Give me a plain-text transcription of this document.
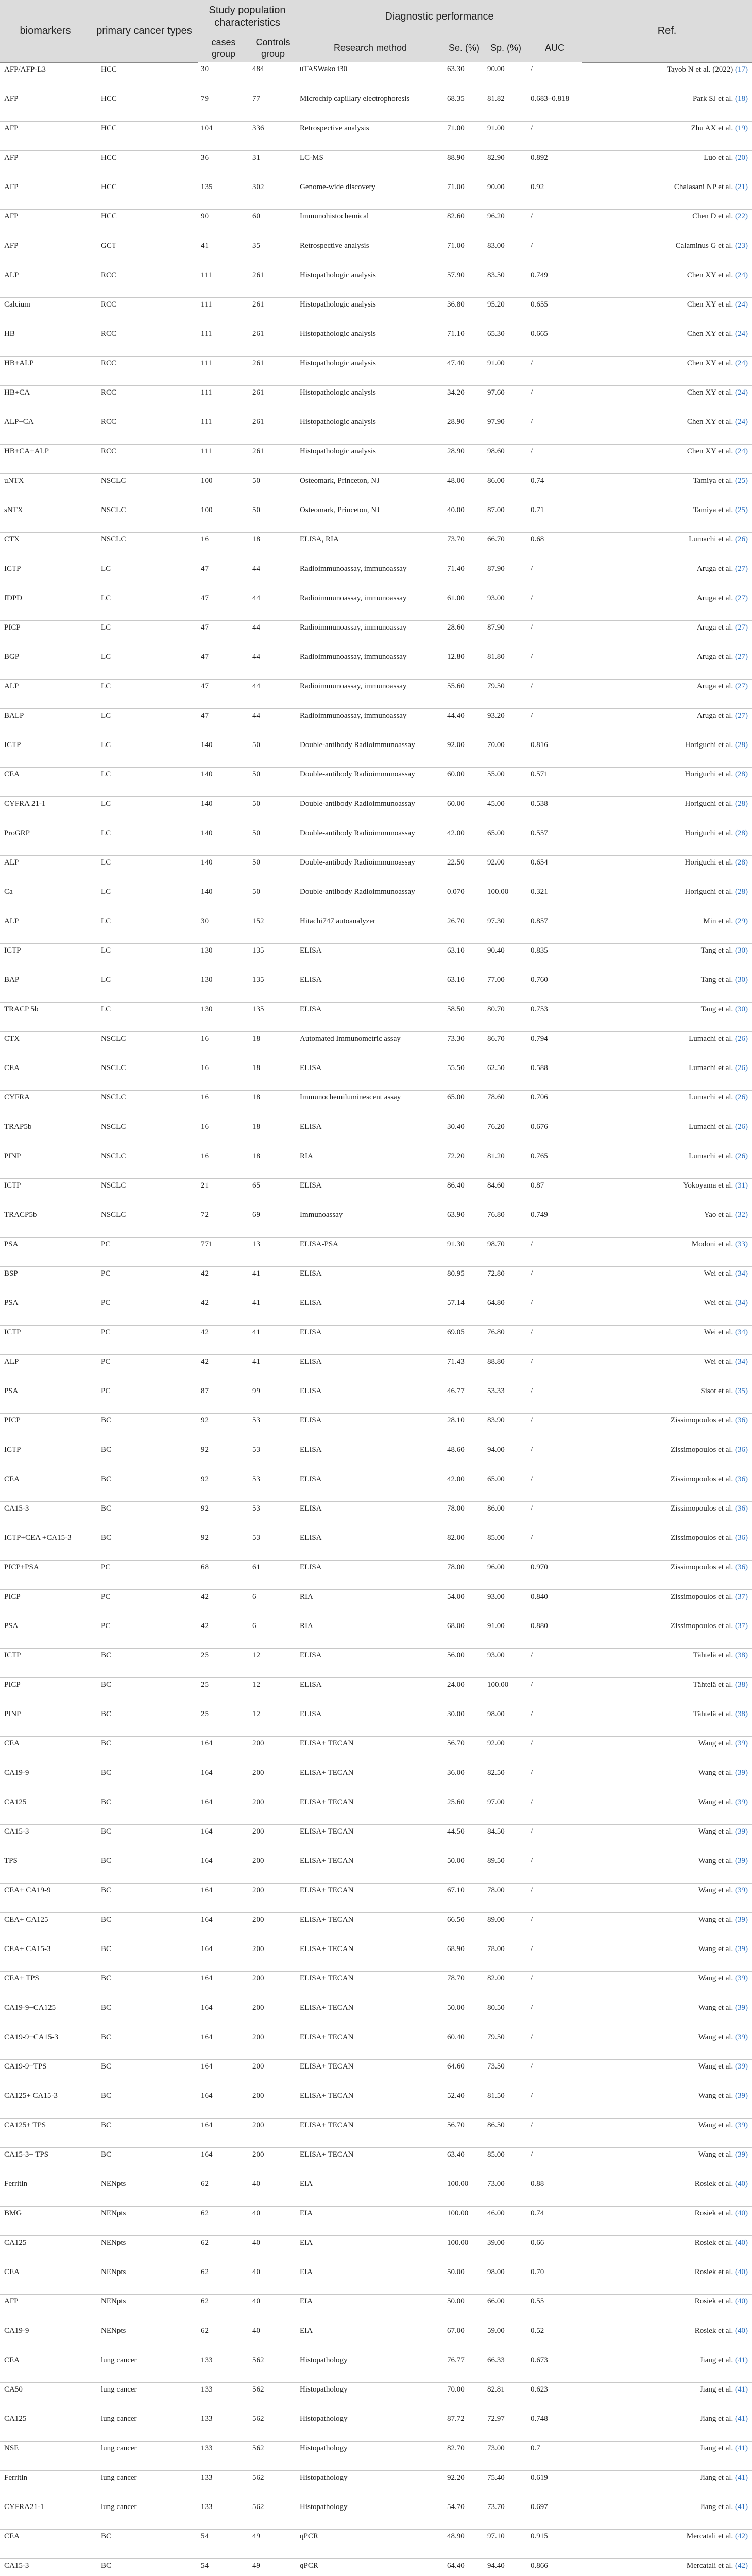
biomarkers	primary cancer types	Study population characteristics		Diagnostic performance				Ref.
		cases group	Controls group	Research method	Se. (%)	Sp. (%)	AUC	

AFP/AFP-L3	HCC	30	484	uTASWako i30	63.30	90.00	/	Tayob N et al. (2022) (17)

AFP	HCC	79	77	Microchip capillary electrophoresis	68.35	81.82	0.683–0.818	Park SJ et al. (18)

AFP	HCC	104	336	Retrospective analysis	71.00	91.00	/	Zhu AX et al. (19)

AFP	HCC	36	31	LC-MS	88.90	82.90	0.892	Luo et al. (20)

AFP	HCC	135	302	Genome-wide discovery	71.00	90.00	0.92	Chalasani NP et al. (21)

AFP	HCC	90	60	Immunohistochemical	82.60	96.20	/	Chen D et al. (22)

AFP	GCT	41	35	Retrospective analysis	71.00	83.00	/	Calaminus G et al. (23)

ALP	RCC	111	261	Histopathologic analysis	57.90	83.50	0.749	Chen XY et al. (24)

Calcium	RCC	111	261	Histopathologic analysis	36.80	95.20	0.655	Chen XY et al. (24)

HB	RCC	111	261	Histopathologic analysis	71.10	65.30	0.665	Chen XY et al. (24)

HB+ALP	RCC	111	261	Histopathologic analysis	47.40	91.00	/	Chen XY et al. (24)

HB+CA	RCC	111	261	Histopathologic analysis	34.20	97.60	/	Chen XY et al. (24)

ALP+CA	RCC	111	261	Histopathologic analysis	28.90	97.90	/	Chen XY et al. (24)

HB+CA+ALP	RCC	111	261	Histopathologic analysis	28.90	98.60	/	Chen XY et al. (24)

uNTX	NSCLC	100	50	Osteomark, Princeton, NJ	48.00	86.00	0.74	Tamiya et al. (25)

sNTX	NSCLC	100	50	Osteomark, Princeton, NJ	40.00	87.00	0.71	Tamiya et al. (25)

CTX	NSCLC	16	18	ELISA, RIA	73.70	66.70	0.68	Lumachi et al. (26)

ICTP	LC	47	44	Radioimmunoassay, immunoassay	71.40	87.90	/	Aruga et al. (27)

fDPD	LC	47	44	Radioimmunoassay, immunoassay	61.00	93.00	/	Aruga et al. (27)

PICP	LC	47	44	Radioimmunoassay, immunoassay	28.60	87.90	/	Aruga et al. (27)

BGP	LC	47	44	Radioimmunoassay, immunoassay	12.80	81.80	/	Aruga et al. (27)

ALP	LC	47	44	Radioimmunoassay, immunoassay	55.60	79.50	/	Aruga et al. (27)

BALP	LC	47	44	Radioimmunoassay, immunoassay	44.40	93.20	/	Aruga et al. (27)

ICTP	LC	140	50	Double-antibody Radioimmunoassay	92.00	70.00	0.816	Horiguchi et al. (28)

CEA	LC	140	50	Double-antibody Radioimmunoassay	60.00	55.00	0.571	Horiguchi et al. (28)

CYFRA 21-1	LC	140	50	Double-antibody Radioimmunoassay	60.00	45.00	0.538	Horiguchi et al. (28)

ProGRP	LC	140	50	Double-antibody Radioimmunoassay	42.00	65.00	0.557	Horiguchi et al. (28)

ALP	LC	140	50	Double-antibody Radioimmunoassay	22.50	92.00	0.654	Horiguchi et al. (28)

Ca	LC	140	50	Double-antibody Radioimmunoassay	0.070	100.00	0.321	Horiguchi et al. (28)

ALP	LC	30	152	Hitachi747 autoanalyzer	26.70	97.30	0.857	Min et al. (29)

ICTP	LC	130	135	ELISA	63.10	90.40	0.835	Tang et al. (30)

BAP	LC	130	135	ELISA	63.10	77.00	0.760	Tang et al. (30)

TRACP 5b	LC	130	135	ELISA	58.50	80.70	0.753	Tang et al. (30)

CTX	NSCLC	16	18	Automated Immunometric assay	73.30	86.70	0.794	Lumachi et al. (26)

CEA	NSCLC	16	18	ELISA	55.50	62.50	0.588	Lumachi et al. (26)

CYFRA	NSCLC	16	18	Immunochemiluminescent assay	65.00	78.60	0.706	Lumachi et al. (26)

TRAP5b	NSCLC	16	18	ELISA	30.40	76.20	0.676	Lumachi et al. (26)

PINP	NSCLC	16	18	RIA	72.20	81.20	0.765	Lumachi et al. (26)

ICTP	NSCLC	21	65	ELISA	86.40	84.60	0.87	Yokoyama et al. (31)

TRACP5b	NSCLC	72	69	Immunoassay	63.90	76.80	0.749	Yao et al. (32)

PSA	PC	771	13	ELISA-PSA	91.30	98.70	/	Modoni et al. (33)

BSP	PC	42	41	ELISA	80.95	72.80	/	Wei et al. (34)

PSA	PC	42	41	ELISA	57.14	64.80	/	Wei et al. (34)

ICTP	PC	42	41	ELISA	69.05	76.80	/	Wei et al. (34)

ALP	PC	42	41	ELISA	71.43	88.80	/	Wei et al. (34)

PSA	PC	87	99	ELISA	46.77	53.33	/	Sisot et al. (35)

PICP	BC	92	53	ELISA	28.10	83.90	/	Zissimopoulos et al. (36)

ICTP	BC	92	53	ELISA	48.60	94.00	/	Zissimopoulos et al. (36)

CEA	BC	92	53	ELISA	42.00	65.00	/	Zissimopoulos et al. (36)

CA15-3	BC	92	53	ELISA	78.00	86.00	/	Zissimopoulos et al. (36)

ICTP+CEA +CA15-3	BC	92	53	ELISA	82.00	85.00	/	Zissimopoulos et al. (36)

PICP+PSA	PC	68	61	ELISA	78.00	96.00	0.970	Zissimopoulos et al. (36)

PICP	PC	42	6	RIA	54.00	93.00	0.840	Zissimopoulos et al. (37)

PSA	PC	42	6	RIA	68.00	91.00	0.880	Zissimopoulos et al. (37)

ICTP	BC	25	12	ELISA	56.00	93.00	/	Tähtelä et al. (38)

PICP	BC	25	12	ELISA	24.00	100.00	/	Tähtelä et al. (38)

PINP	BC	25	12	ELISA	30.00	98.00	/	Tähtelä et al. (38)

CEA	BC	164	200	ELISA+ TECAN	56.70	92.00	/	Wang et al. (39)

CA19-9	BC	164	200	ELISA+ TECAN	36.00	82.50	/	Wang et al. (39)

CA125	BC	164	200	ELISA+ TECAN	25.60	97.00	/	Wang et al. (39)

CA15-3	BC	164	200	ELISA+ TECAN	44.50	84.50	/	Wang et al. (39)

TPS	BC	164	200	ELISA+ TECAN	50.00	89.50	/	Wang et al. (39)

CEA+ CA19-9	BC	164	200	ELISA+ TECAN	67.10	78.00	/	Wang et al. (39)

CEA+ CA125	BC	164	200	ELISA+ TECAN	66.50	89.00	/	Wang et al. (39)

CEA+ CA15-3	BC	164	200	ELISA+ TECAN	68.90	78.00	/	Wang et al. (39)

CEA+ TPS	BC	164	200	ELISA+ TECAN	78.70	82.00	/	Wang et al. (39)

CA19-9+CA125	BC	164	200	ELISA+ TECAN	50.00	80.50	/	Wang et al. (39)

CA19-9+CA15-3	BC	164	200	ELISA+ TECAN	60.40	79.50	/	Wang et al. (39)

CA19-9+TPS	BC	164	200	ELISA+ TECAN	64.60	73.50	/	Wang et al. (39)

CA125+ CA15-3	BC	164	200	ELISA+ TECAN	52.40	81.50	/	Wang et al. (39)

CA125+ TPS	BC	164	200	ELISA+ TECAN	56.70	86.50	/	Wang et al. (39)

CA15-3+ TPS	BC	164	200	ELISA+ TECAN	63.40	85.00	/	Wang et al. (39)

Ferritin	NENpts	62	40	EIA	100.00	73.00	0.88	Rosiek et al. (40)

BMG	NENpts	62	40	EIA	100.00	46.00	0.74	Rosiek et al. (40)

CA125	NENpts	62	40	EIA	100.00	39.00	0.66	Rosiek et al. (40)

CEA	NENpts	62	40	EIA	50.00	98.00	0.70	Rosiek et al. (40)

AFP	NENpts	62	40	EIA	50.00	66.00	0.55	Rosiek et al. (40)

CA19-9	NENpts	62	40	EIA	67.00	59.00	0.52	Rosiek et al. (40)

CEA	lung cancer	133	562	Histopathology	76.77	66.33	0.673	Jiang et al. (41)

CA50	lung cancer	133	562	Histopathology	70.00	82.81	0.623	Jiang et al. (41)

CA125	lung cancer	133	562	Histopathology	87.72	72.97	0.748	Jiang et al. (41)

NSE	lung cancer	133	562	Histopathology	82.70	73.00	0.7	Jiang et al. (41)

Ferritin	lung cancer	133	562	Histopathology	92.20	75.40	0.619	Jiang et al. (41)

CYFRA21-1	lung cancer	133	562	Histopathology	54.70	73.70	0.697	Jiang et al. (41)

CEA	BC	54	49	qPCR	48.90	97.10	0.915	Mercatali et al. (42)

CA15-3	BC	54	49	qPCR	64.40	94.40	0.866	Mercatali et al. (42)
